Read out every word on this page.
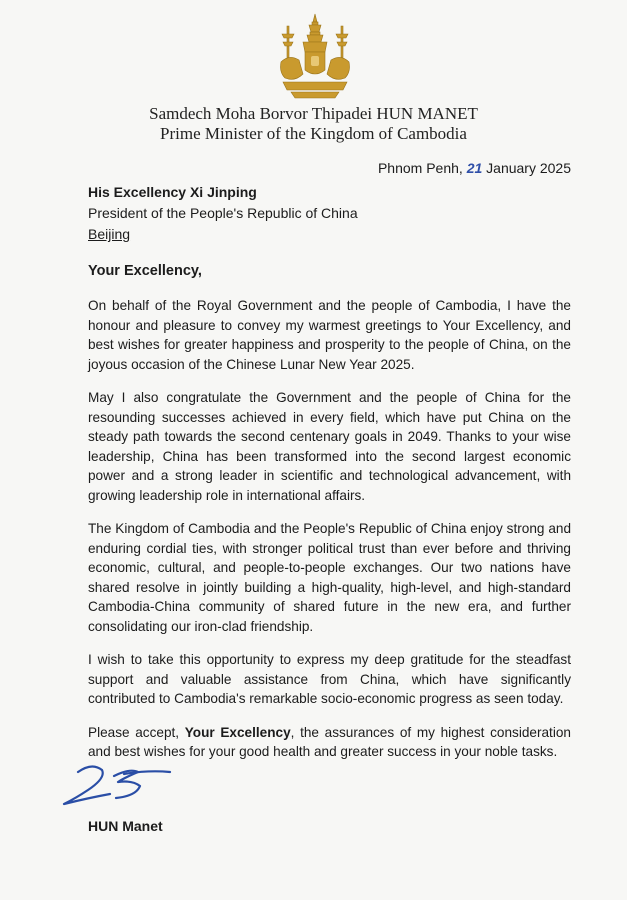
Samdech Moha Borvor Thipadei HUN MANET
Prime Minister of the Kingdom of Cambodia
Phnom Penh, 21 January 2025
His Excellency Xi Jinping
President of the People's Republic of China
Beijing
Your Excellency,

On behalf of the Royal Government and the people of Cambodia, I have the honour and pleasure to convey my warmest greetings to Your Excellency, and best wishes for greater happiness and prosperity to the people of China, on the joyous occasion of the Chinese Lunar New Year 2025.

May I also congratulate the Government and the people of China for the resounding successes achieved in every field, which have put China on the steady path towards the second centenary goals in 2049. Thanks to your wise leadership, China has been transformed into the second largest economic power and a strong leader in scientific and technological advancement, with growing leadership role in international affairs.

The Kingdom of Cambodia and the People's Republic of China enjoy strong and enduring cordial ties, with stronger political trust than ever before and thriving economic, cultural, and people-to-people exchanges. Our two nations have shared resolve in jointly building a high-quality, high-level, and high-standard Cambodia-China community of shared future in the new era, and further consolidating our iron-clad friendship.

I wish to take this opportunity to express my deep gratitude for the steadfast support and valuable assistance from China, which have significantly contributed to Cambodia's remarkable socio-economic progress as seen today.

Please accept, Your Excellency, the assurances of my highest consideration and best wishes for your good health and greater success in your noble tasks.

HUN Manet
